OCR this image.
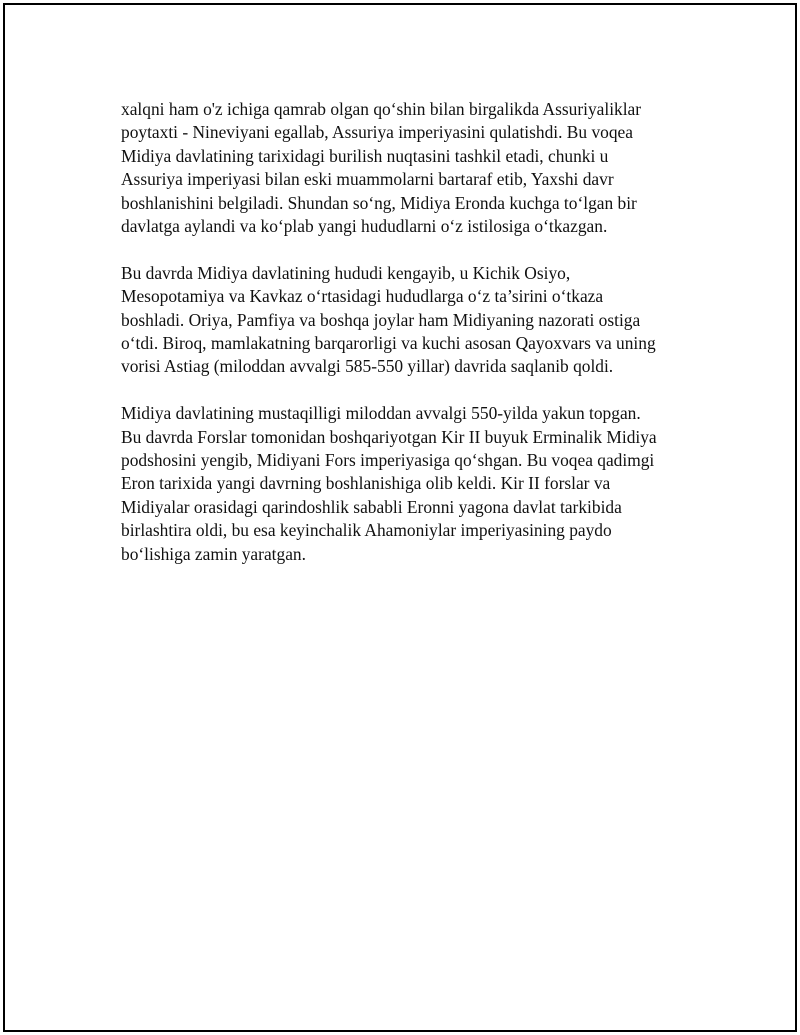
xalqni ham o'z ichiga qamrab olgan qo‘shin bilan birgalikda Assuriyaliklar
poytaxti - Nineviyani egallab, Assuriya imperiyasini qulatishdi. Bu voqea
Midiya davlatining tarixidagi burilish nuqtasini tashkil etadi, chunki u
Assuriya imperiyasi bilan eski muammolarni bartaraf etib, Yaxshi davr
boshlanishini belgiladi. Shundan so‘ng, Midiya Eronda kuchga to‘lgan bir
davlatga aylandi va ko‘plab yangi hududlarni o‘z istilosiga o‘tkazgan.

Bu davrda Midiya davlatining hududi kengayib, u Kichik Osiyo,
Mesopotamiya va Kavkaz o‘rtasidagi hududlarga o‘z ta’sirini o‘tkaza
boshladi. Oriya, Pamfiya va boshqa joylar ham Midiyaning nazorati ostiga
o‘tdi. Biroq, mamlakatning barqarorligi va kuchi asosan Qayoxvars va uning
vorisi Astiag (miloddan avvalgi 585-550 yillar) davrida saqlanib qoldi.

Midiya davlatining mustaqilligi miloddan avvalgi 550-yilda yakun topgan.
Bu davrda Forslar tomonidan boshqariyotgan Kir II buyuk Erminalik Midiya
podshosini yengib, Midiyani Fors imperiyasiga qo‘shgan. Bu voqea qadimgi
Eron tarixida yangi davrning boshlanishiga olib keldi. Kir II forslar va
Midiyalar orasidagi qarindoshlik sababli Eronni yagona davlat tarkibida
birlashtira oldi, bu esa keyinchalik Ahamoniylar imperiyasining paydo
bo‘lishiga zamin yaratgan.
